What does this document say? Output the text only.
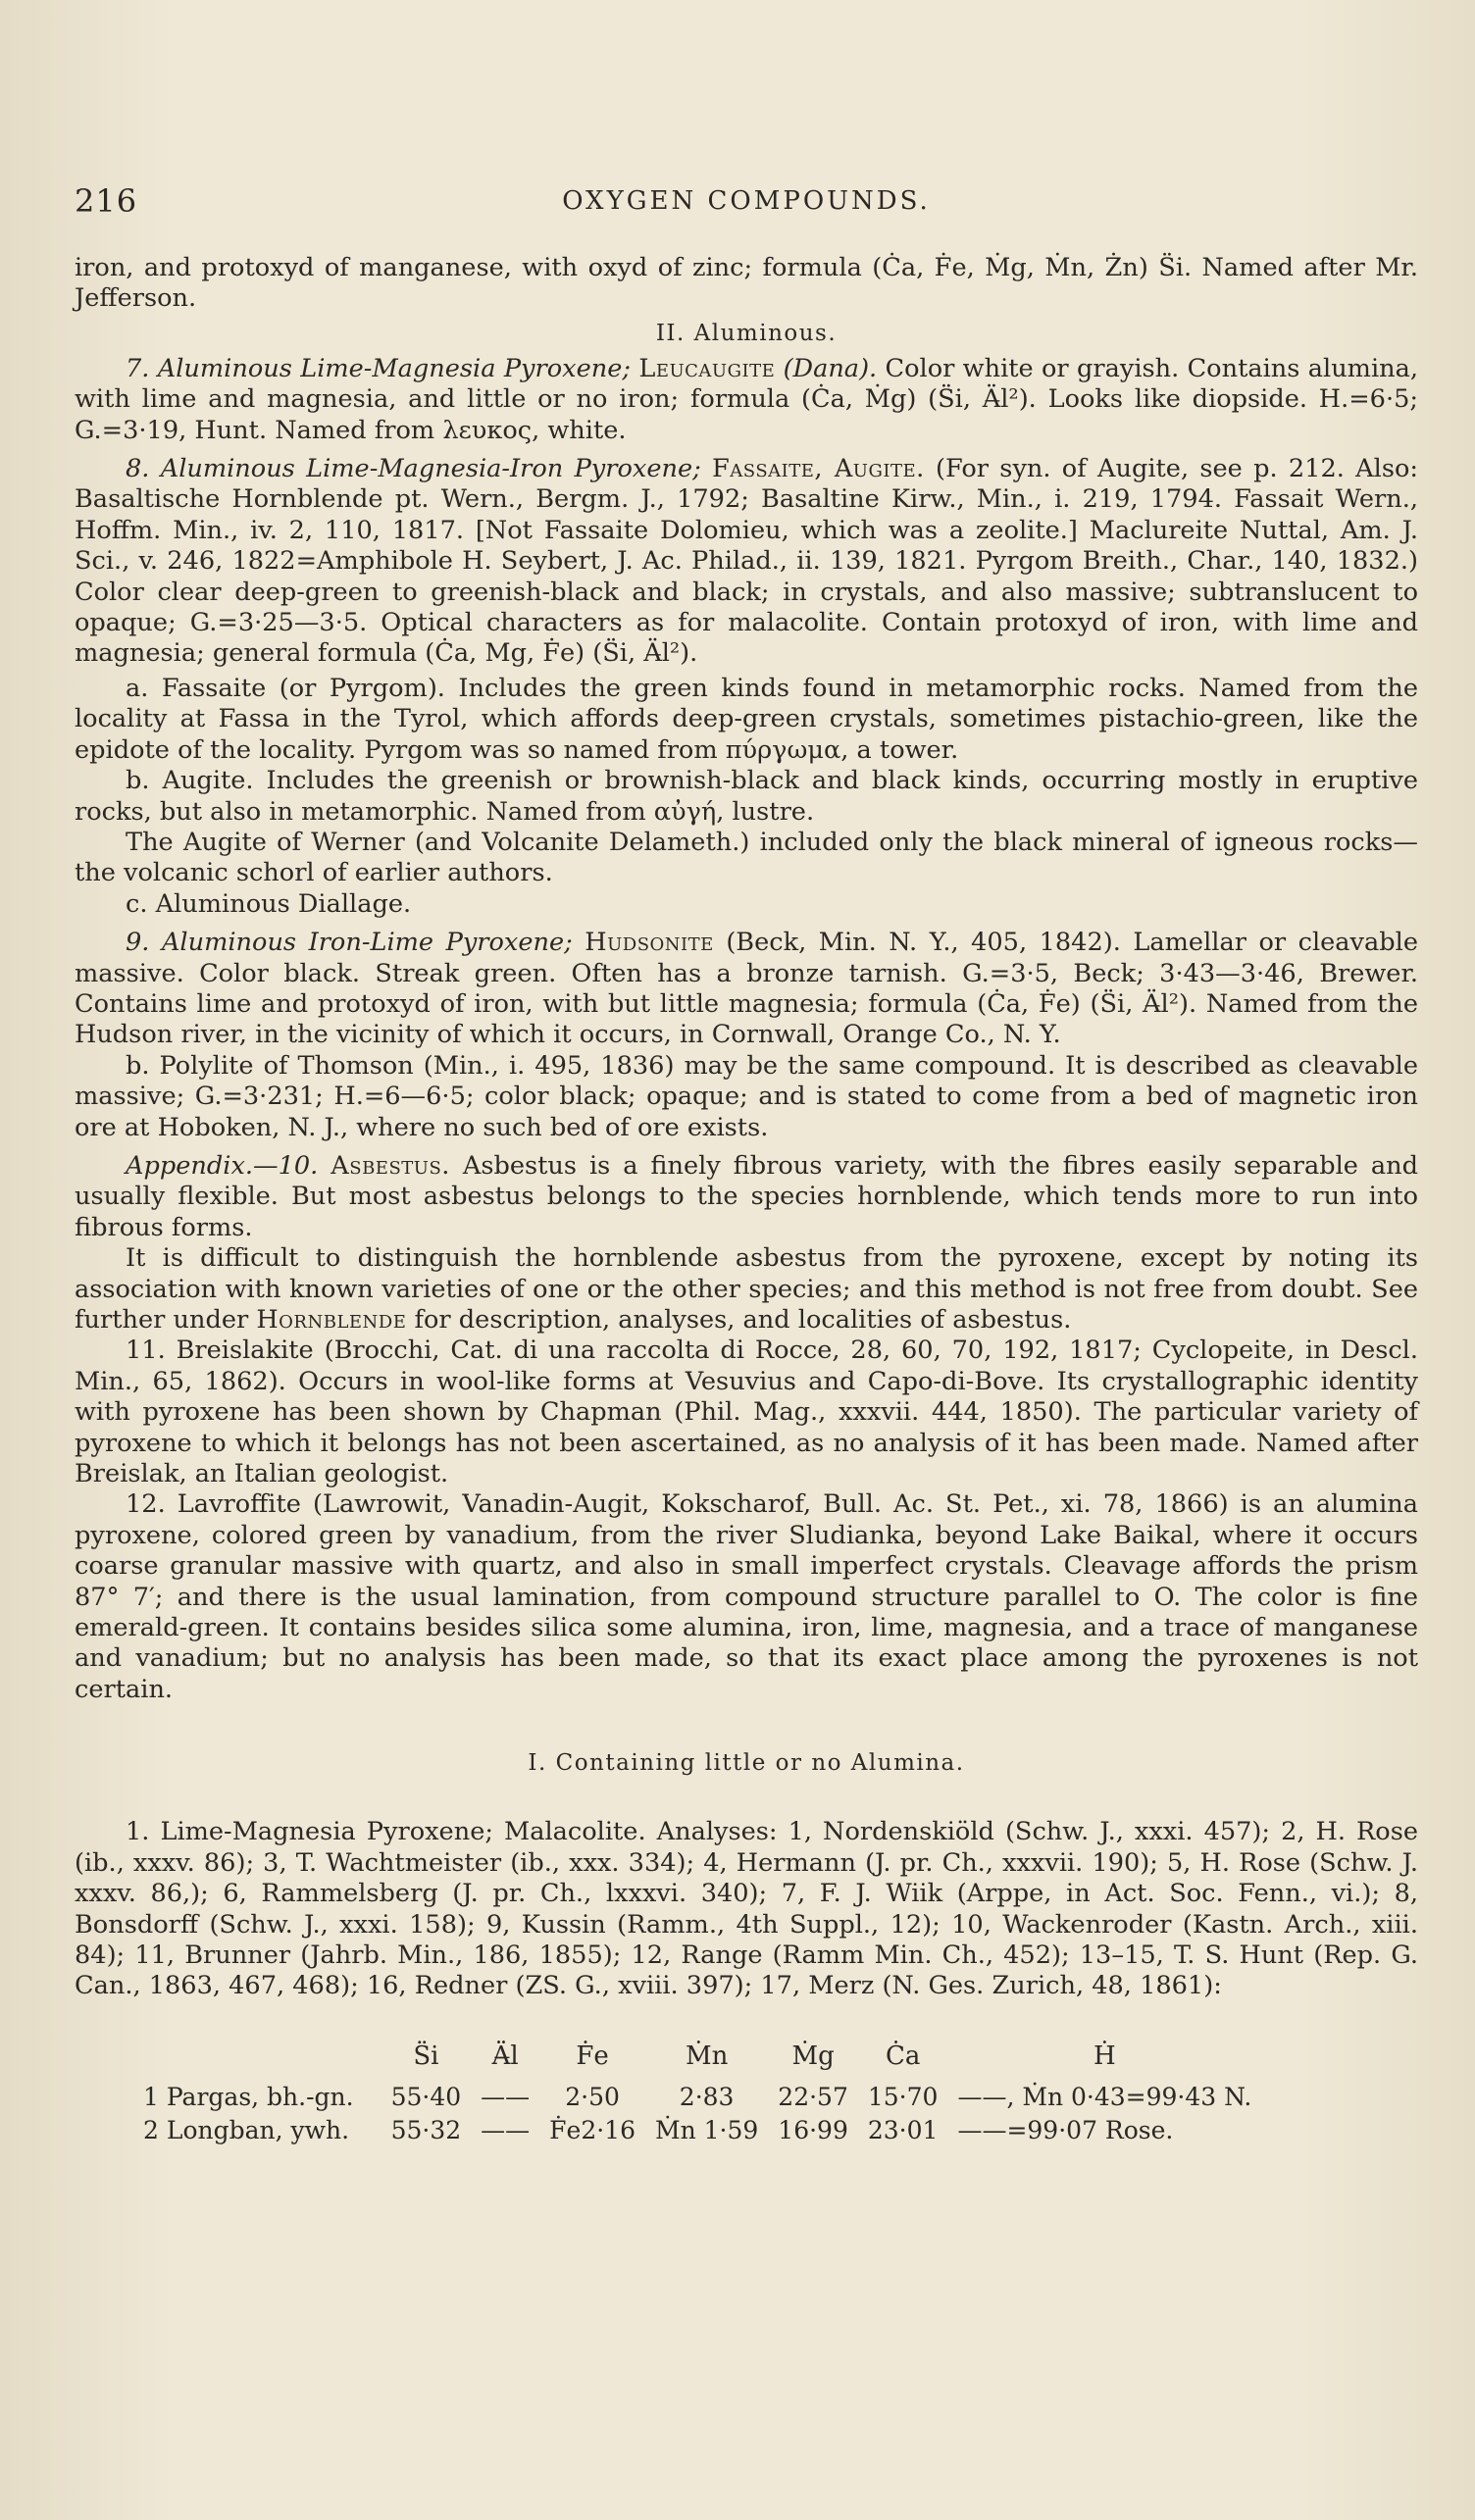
216	OXYGEN COMPOUNDS.

iron, and protoxyd of manganese, with oxyd of zinc; formula (Ċa, Ḟe, Ṁg, Ṁn, Żn) S̈i. Named after Mr. Jefferson.

II. Aluminous.

7. Aluminous Lime-Magnesia Pyroxene; Leucaugite (Dana). Color white or grayish. Contains alumina, with lime and magnesia, and little or no iron; formula (Ċa, Ṁg) (S̈i, Ä̶l²). Looks like diopside. H.=6·5; G.=3·19, Hunt. Named from λευκος, white.

8. Aluminous Lime-Magnesia-Iron Pyroxene; Fassaite, Augite. (For syn. of Augite, see p. 212. Also: Basaltische Hornblende pt. Wern., Bergm. J., 1792; Basaltine Kirw., Min., i. 219, 1794. Fassait Wern., Hoffm. Min., iv. 2, 110, 1817. [Not Fassaite Dolomieu, which was a zeolite.] Maclureite Nuttal, Am. J. Sci., v. 246, 1822=Amphibole H. Seybert, J. Ac. Philad., ii. 139, 1821. Pyrgom Breith., Char., 140, 1832.) Color clear deep-green to greenish-black and black; in crystals, and also massive; subtranslucent to opaque; G.=3·25—3·5. Optical characters as for malacolite. Contain protoxyd of iron, with lime and magnesia; general formula (Ċa, Mg, Ḟe) (S̈i, Ä̶l²).

a. Fassaite (or Pyrgom). Includes the green kinds found in metamorphic rocks. Named from the locality at Fassa in the Tyrol, which affords deep-green crystals, sometimes pistachio-green, like the epidote of the locality. Pyrgom was so named from πύργωμα, a tower.

b. Augite. Includes the greenish or brownish-black and black kinds, occurring mostly in eruptive rocks, but also in metamorphic. Named from αὐγή, lustre.

The Augite of Werner (and Volcanite Delameth.) included only the black mineral of igneous rocks—the volcanic schorl of earlier authors.

c. Aluminous Diallage.

9. Aluminous Iron-Lime Pyroxene; Hudsonite (Beck, Min. N. Y., 405, 1842). Lamellar or cleavable massive. Color black. Streak green. Often has a bronze tarnish. G.=3·5, Beck; 3·43—3·46, Brewer. Contains lime and protoxyd of iron, with but little magnesia; formula (Ċa, Ḟe) (S̈i, Ä̶l²). Named from the Hudson river, in the vicinity of which it occurs, in Cornwall, Orange Co., N. Y.

b. Polylite of Thomson (Min., i. 495, 1836) may be the same compound. It is described as cleavable massive; G.=3·231; H.=6—6·5; color black; opaque; and is stated to come from a bed of magnetic iron ore at Hoboken, N. J., where no such bed of ore exists.

Appendix.—10. Asbestus. Asbestus is a finely fibrous variety, with the fibres easily separable and usually flexible. But most asbestus belongs to the species hornblende, which tends more to run into fibrous forms.

It is difficult to distinguish the hornblende asbestus from the pyroxene, except by noting its association with known varieties of one or the other species; and this method is not free from doubt. See further under Hornblende for description, analyses, and localities of asbestus.

11. Breislakite (Brocchi, Cat. di una raccolta di Rocce, 28, 60, 70, 192, 1817; Cyclopeite, in Descl. Min., 65, 1862). Occurs in wool-like forms at Vesuvius and Capo-di-Bove. Its crystallographic identity with pyroxene has been shown by Chapman (Phil. Mag., xxxvii. 444, 1850). The particular variety of pyroxene to which it belongs has not been ascertained, as no analysis of it has been made. Named after Breislak, an Italian geologist.

12. Lavroffite (Lawrowit, Vanadin-Augit, Kokscharof, Bull. Ac. St. Pet., xi. 78, 1866) is an alumina pyroxene, colored green by vanadium, from the river Sludianka, beyond Lake Baikal, where it occurs coarse granular massive with quartz, and also in small imperfect crystals. Cleavage affords the prism 87° 7′; and there is the usual lamination, from compound structure parallel to O. The color is fine emerald-green. It contains besides silica some alumina, iron, lime, magnesia, and a trace of manganese and vanadium; but no analysis has been made, so that its exact place among the pyroxenes is not certain.

I. Containing little or no Alumina.

1. Lime-Magnesia Pyroxene; Malacolite. Analyses: 1, Nordenskiöld (Schw. J., xxxi. 457); 2, H. Rose (ib., xxxv. 86); 3, T. Wachtmeister (ib., xxx. 334); 4, Hermann (J. pr. Ch., xxxvii. 190); 5, H. Rose (Schw. J. xxxv. 86,); 6, Rammelsberg (J. pr. Ch., lxxxvi. 340); 7, F. J. Wiik (Arppe, in Act. Soc. Fenn., vi.); 8, Bonsdorff (Schw. J., xxxi. 158); 9, Kussin (Ramm., 4th Suppl., 12); 10, Wackenroder (Kastn. Arch., xiii. 84); 11, Brunner (Jahrb. Min., 186, 1855); 12, Range (Ramm Min. Ch., 452); 13–15, T. S. Hunt (Rep. G. Can., 1863, 467, 468); 16, Redner (ZS. G., xviii. 397); 17, Merz (N. Ges. Zurich, 48, 1861):

	S̈i	Ä̶l	Ḟe	Ṁn	Ṁg	Ċa	Ḣ
1 Pargas, bh.-gn.	55·40	——	2·50	2·83	22·57	15·70	——, Ṁn 0·43=99·43 N.
2 Longban, ywh.	55·32	——	Ḟe2·16	Ṁn 1·59	16·99	23·01	——=99·07 Rose.
